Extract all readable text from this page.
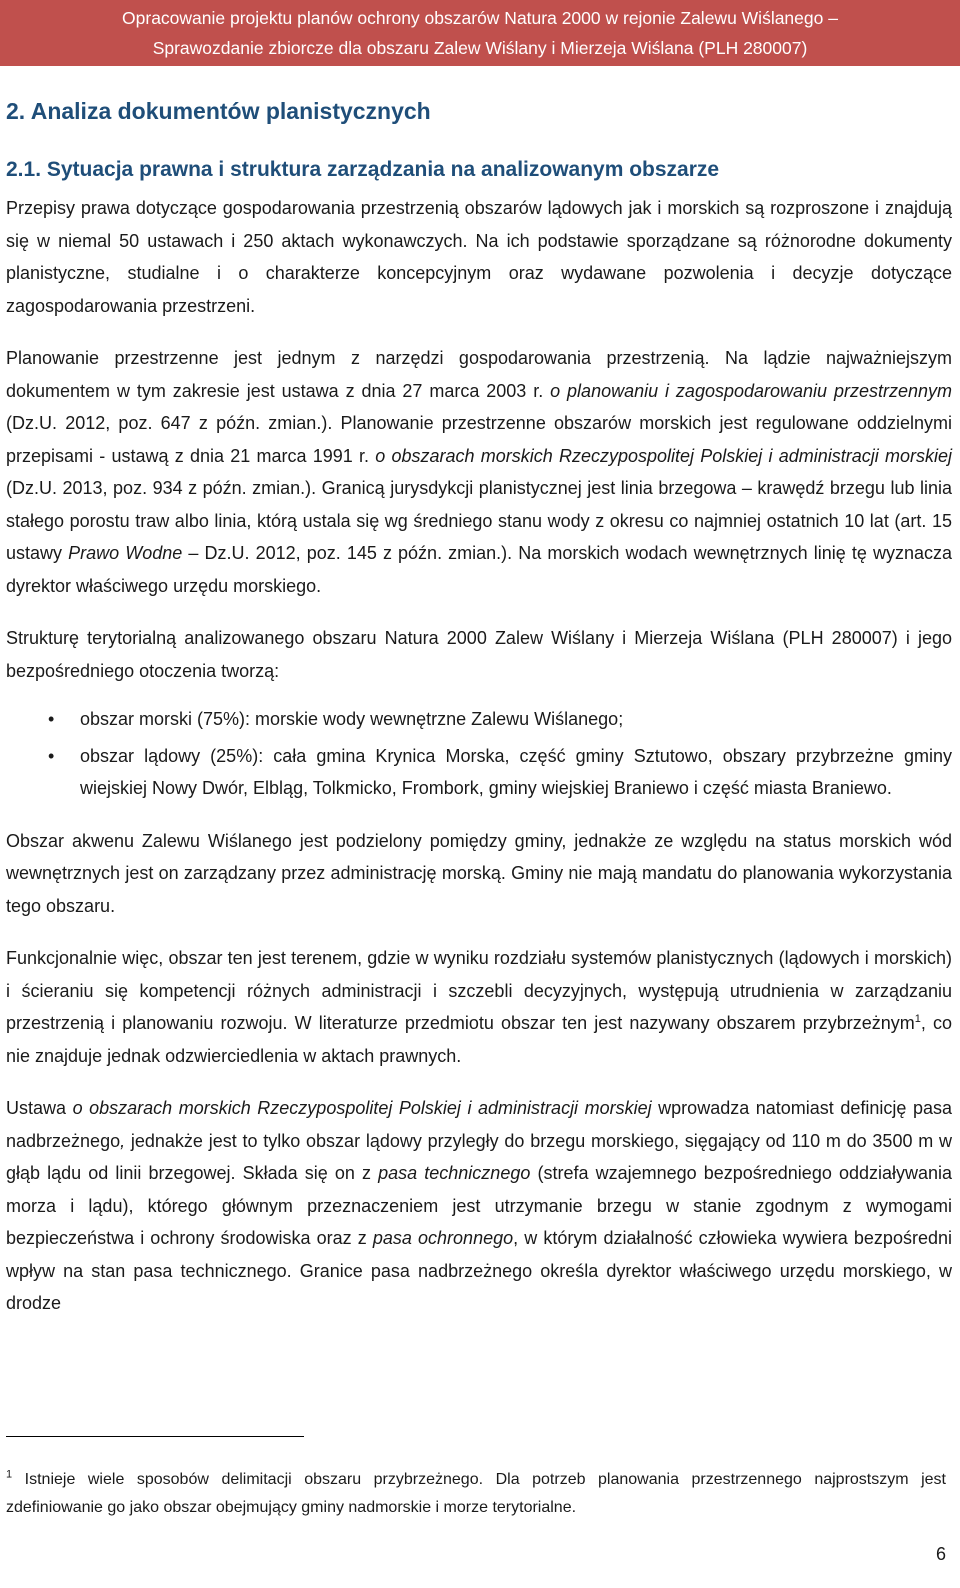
Opracowanie projektu planów ochrony obszarów Natura 2000 w rejonie Zalewu Wiślanego –
Sprawozdanie zbiorcze dla obszaru Zalew Wiślany i Mierzeja Wiślana (PLH 280007)
2. Analiza dokumentów planistycznych
2.1. Sytuacja prawna i struktura zarządzania na analizowanym obszarze

Przepisy prawa dotyczące gospodarowania przestrzenią obszarów lądowych jak i morskich są rozproszone i znajdują się w niemal 50 ustawach i 250 aktach wykonawczych. Na ich podstawie sporządzane są różnorodne dokumenty planistyczne, studialne i o charakterze koncepcyjnym oraz wydawane pozwolenia i decyzje dotyczące zagospodarowania przestrzeni.

Planowanie przestrzenne jest jednym z narzędzi gospodarowania przestrzenią. Na lądzie najważniejszym dokumentem w tym zakresie jest ustawa z dnia 27 marca 2003 r. o planowaniu i zagospodarowaniu przestrzennym (Dz.U. 2012, poz. 647 z późn. zmian.). Planowanie przestrzenne obszarów morskich jest regulowane oddzielnymi przepisami - ustawą z dnia 21 marca 1991 r. o obszarach morskich Rzeczypospolitej Polskiej i administracji morskiej (Dz.U. 2013, poz. 934 z późn. zmian.). Granicą jurysdykcji planistycznej jest linia brzegowa – krawędź brzegu lub linia stałego porostu traw albo linia, którą ustala się wg średniego stanu wody z okresu co najmniej ostatnich 10 lat (art. 15 ustawy Prawo Wodne – Dz.U. 2012, poz. 145 z późn. zmian.). Na morskich wodach wewnętrznych linię tę wyznacza dyrektor właściwego urzędu morskiego.

Strukturę terytorialną analizowanego obszaru Natura 2000 Zalew Wiślany i Mierzeja Wiślana (PLH 280007) i jego bezpośredniego otoczenia tworzą:

• obszar morski (75%): morskie wody wewnętrzne Zalewu Wiślanego;
• obszar lądowy (25%): cała gmina Krynica Morska, część gminy Sztutowo, obszary przybrzeżne gminy wiejskiej Nowy Dwór, Elbląg, Tolkmicko, Frombork, gminy wiejskiej Braniewo i część miasta Braniewo.

Obszar akwenu Zalewu Wiślanego jest podzielony pomiędzy gminy, jednakże ze względu na status morskich wód wewnętrznych jest on zarządzany przez administrację morską. Gminy nie mają mandatu do planowania wykorzystania tego obszaru.

Funkcjonalnie więc, obszar ten jest terenem, gdzie w wyniku rozdziału systemów planistycznych (lądowych i morskich) i ścieraniu się kompetencji różnych administracji i szczebli decyzyjnych, występują utrudnienia w zarządzaniu przestrzenią i planowaniu rozwoju. W literaturze przedmiotu obszar ten jest nazywany obszarem przybrzeżnym$^1$, co nie znajduje jednak odzwierciedlenia w aktach prawnych.

Ustawa o obszarach morskich Rzeczypospolitej Polskiej i administracji morskiej wprowadza natomiast definicję pasa nadbrzeżnego, jednakże jest to tylko obszar lądowy przyległy do brzegu morskiego, sięgający od 110 m do 3500 m w głąb lądu od linii brzegowej. Składa się on z pasa technicznego (strefa wzajemnego bezpośredniego oddziaływania morza i lądu), którego głównym przeznaczeniem jest utrzymanie brzegu w stanie zgodnym z wymogami bezpieczeństwa i ochrony środowiska oraz z pasa ochronnego, w którym działalność człowieka wywiera bezpośredni wpływ na stan pasa technicznego. Granice pasa nadbrzeżnego określa dyrektor właściwego urzędu morskiego, w drodze

$^1$ Istnieje wiele sposobów delimitacji obszaru przybrzeżnego. Dla potrzeb planowania przestrzennego najprostszym jest zdefiniowanie go jako obszar obejmujący gminy nadmorskie i morze terytorialne.
6
